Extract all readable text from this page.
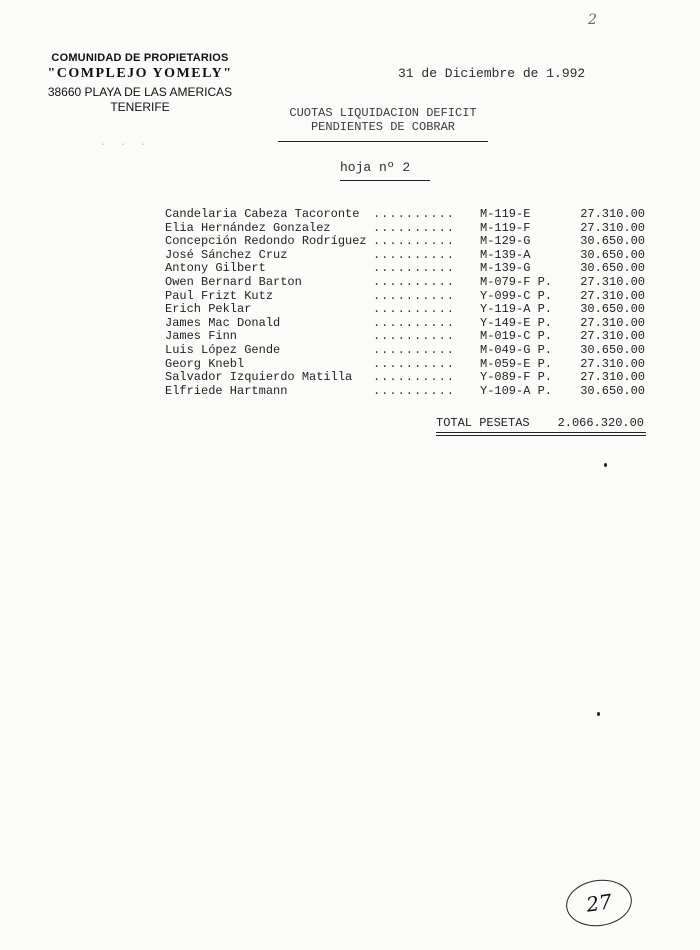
2
COMUNIDAD DE PROPIETARIOS
"COMPLEJO YOMELY"
38660 PLAYA DE LAS AMERICAS
TENERIFE
31 de Diciembre de 1.992
CUOTAS LIQUIDACION DEFICIT
PENDIENTES DE COBRAR
· · ·
hoja nº 2
Candelaria Cabeza Tacoronte	M-119-E	27.310.00
..........
Elia Hernández Gonzalez	M-119-F	27.310.00
..........
Concepción Redondo Rodríguez	M-129-G	30.650.00
..........
José Sánchez Cruz	M-139-A	30.650.00
..........
Antony Gilbert	M-139-G	30.650.00
..........
Owen Bernard Barton	M-079-F P. 27.310.00
..........
Paul Frizt Kutz	Y-099-C P. 27.310.00
..........
Erich Peklar	Y-119-A P. 30.650.00
..........
James Mac Donald	Y-149-E P. 27.310.00
..........
James Finn	M-019-C P. 27.310.00
..........
Luis López Gende	M-049-G P. 30.650.00
..........
Georg Knebl	M-059-E P. 27.310.00
..........
Salvador Izquierdo Matilla	Y-089-F P. 27.310.00
..........
Elfriede Hartmann	Y-109-A P. 30.650.00
..........
TOTAL PESETAS	2.066.320.00
27
